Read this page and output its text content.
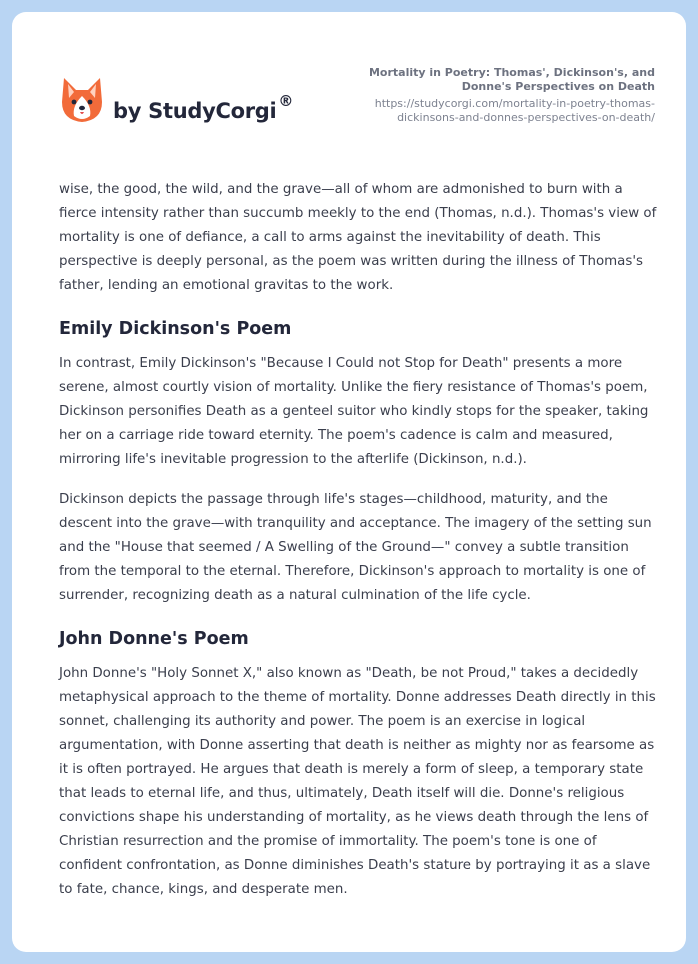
by StudyCorgi ®
Mortality in Poetry: Thomas', Dickinson's, and Donne's Perspectives on Death
https://studycorgi.com/mortality-in-poetry-thomas-dickinsons-and-donnes-perspectives-on-death/

wise, the good, the wild, and the grave—all of whom are admonished to burn with a fierce intensity rather than succumb meekly to the end (Thomas, n.d.). Thomas's view of mortality is one of defiance, a call to arms against the inevitability of death. This perspective is deeply personal, as the poem was written during the illness of Thomas's father, lending an emotional gravitas to the work.

Emily Dickinson's Poem

In contrast, Emily Dickinson's "Because I Could not Stop for Death" presents a more serene, almost courtly vision of mortality. Unlike the fiery resistance of Thomas's poem, Dickinson personifies Death as a genteel suitor who kindly stops for the speaker, taking her on a carriage ride toward eternity. The poem's cadence is calm and measured, mirroring life's inevitable progression to the afterlife (Dickinson, n.d.).

Dickinson depicts the passage through life's stages—childhood, maturity, and the descent into the grave—with tranquility and acceptance. The imagery of the setting sun and the "House that seemed / A Swelling of the Ground—" convey a subtle transition from the temporal to the eternal. Therefore, Dickinson's approach to mortality is one of surrender, recognizing death as a natural culmination of the life cycle.

John Donne's Poem

John Donne's "Holy Sonnet X," also known as "Death, be not Proud," takes a decidedly metaphysical approach to the theme of mortality. Donne addresses Death directly in this sonnet, challenging its authority and power. The poem is an exercise in logical argumentation, with Donne asserting that death is neither as mighty nor as fearsome as it is often portrayed. He argues that death is merely a form of sleep, a temporary state that leads to eternal life, and thus, ultimately, Death itself will die. Donne's religious convictions shape his understanding of mortality, as he views death through the lens of Christian resurrection and the promise of immortality. The poem's tone is one of confident confrontation, as Donne diminishes Death's stature by portraying it as a slave to fate, chance, kings, and desperate men.
